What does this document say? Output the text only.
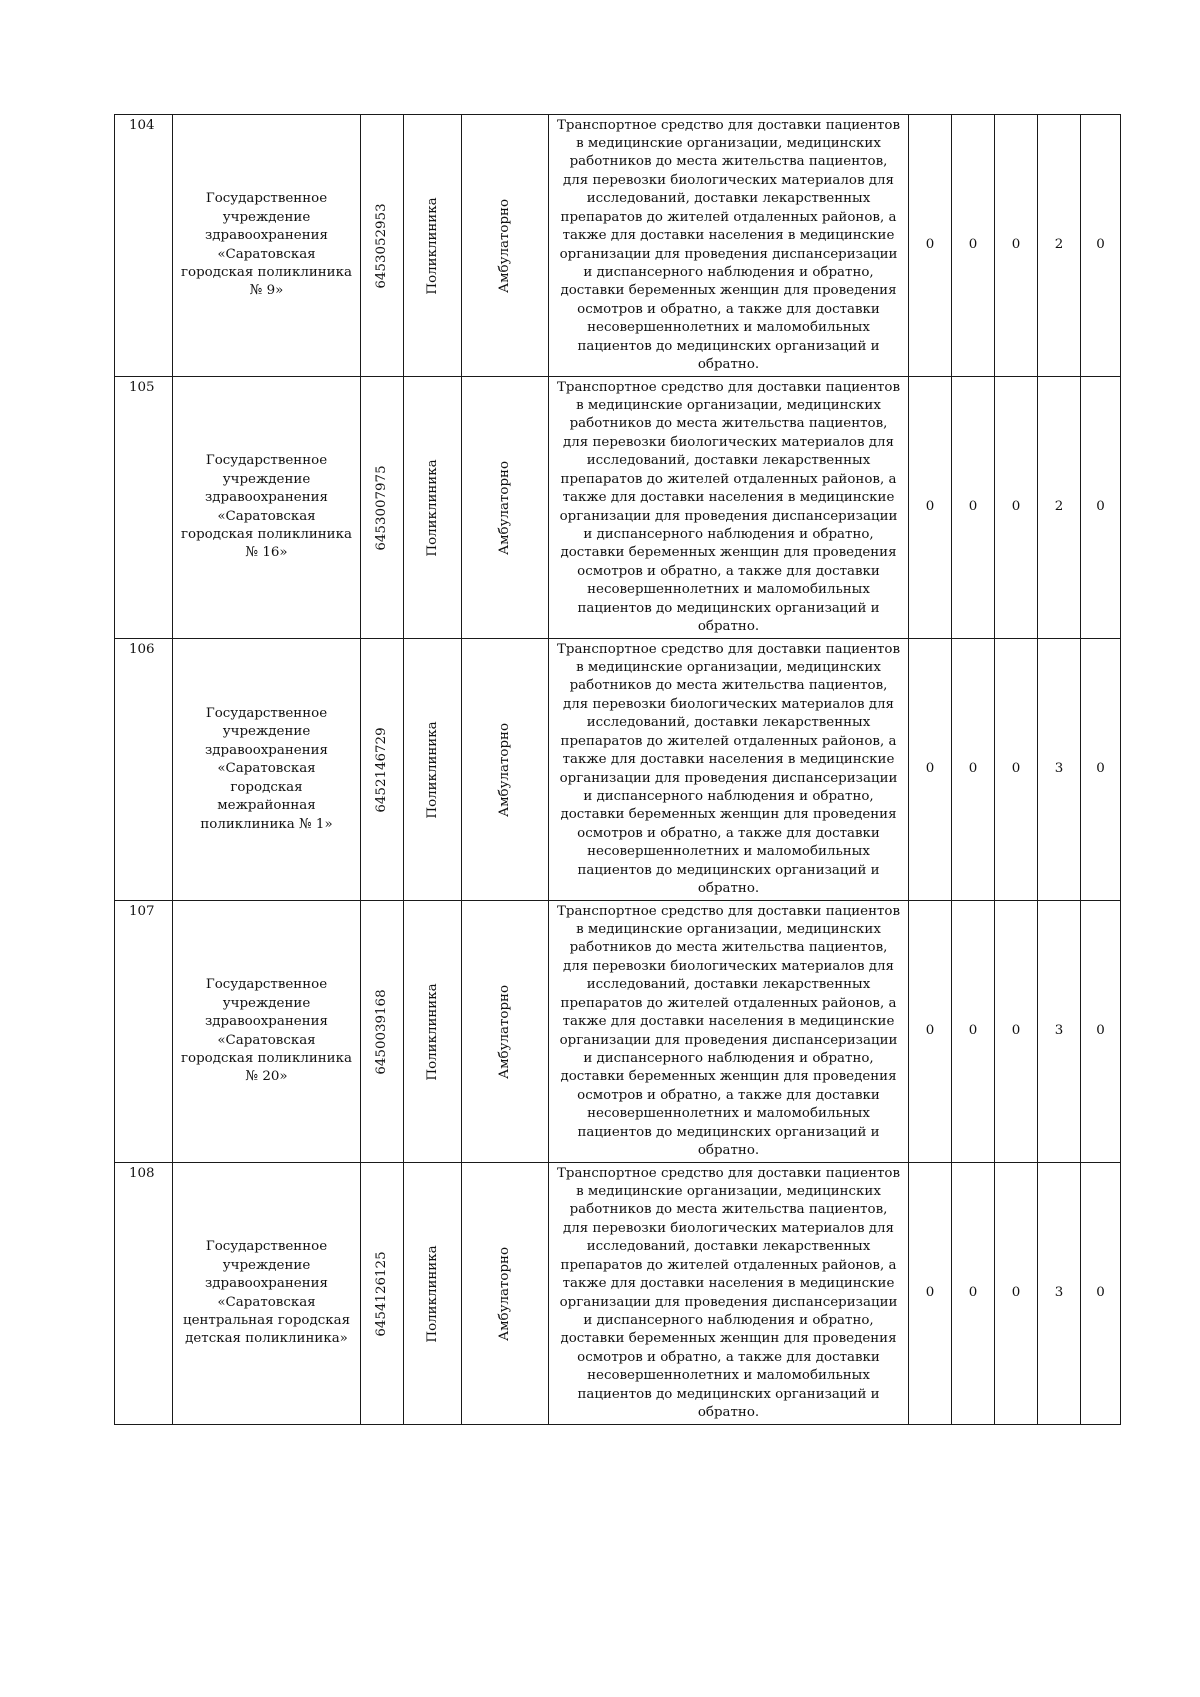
104	Государственное учреждение здравоохранения «Саратовская городская поликлиника № 9»	6453052953	Поликлиника	Амбулаторно	Транспортное средство для доставки пациентов в медицинские организации, медицинских работников до места жительства пациентов, для перевозки биологических материалов для исследований, доставки лекарственных препаратов до жителей отдаленных районов, а также для доставки населения в медицинские организации для проведения диспансеризации и диспансерного наблюдения и обратно, доставки беременных женщин для проведения осмотров и обратно, а также для доставки несовершеннолетних и маломобильных пациентов до медицинских организаций и обратно.	0	0	0	2	0
105	Государственное учреждение здравоохранения «Саратовская городская поликлиника № 16»	6453007975	Поликлиника	Амбулаторно	Транспортное средство для доставки пациентов в медицинские организации, медицинских работников до места жительства пациентов, для перевозки биологических материалов для исследований, доставки лекарственных препаратов до жителей отдаленных районов, а также для доставки населения в медицинские организации для проведения диспансеризации и диспансерного наблюдения и обратно, доставки беременных женщин для проведения осмотров и обратно, а также для доставки несовершеннолетних и маломобильных пациентов до медицинских организаций и обратно.	0	0	0	2	0
106	Государственное учреждение здравоохранения «Саратовская городская межрайонная поликлиника № 1»	6452146729	Поликлиника	Амбулаторно	Транспортное средство для доставки пациентов в медицинские организации, медицинских работников до места жительства пациентов, для перевозки биологических материалов для исследований, доставки лекарственных препаратов до жителей отдаленных районов, а также для доставки населения в медицинские организации для проведения диспансеризации и диспансерного наблюдения и обратно, доставки беременных женщин для проведения осмотров и обратно, а также для доставки несовершеннолетних и маломобильных пациентов до медицинских организаций и обратно.	0	0	0	3	0
107	Государственное учреждение здравоохранения «Саратовская городская поликлиника № 20»	6450039168	Поликлиника	Амбулаторно	Транспортное средство для доставки пациентов в медицинские организации, медицинских работников до места жительства пациентов, для перевозки биологических материалов для исследований, доставки лекарственных препаратов до жителей отдаленных районов, а также для доставки населения в медицинские организации для проведения диспансеризации и диспансерного наблюдения и обратно, доставки беременных женщин для проведения осмотров и обратно, а также для доставки несовершеннолетних и маломобильных пациентов до медицинских организаций и обратно.	0	0	0	3	0
108	Государственное учреждение здравоохранения «Саратовская центральная городская детская поликлиника»	6454126125	Поликлиника	Амбулаторно	Транспортное средство для доставки пациентов в медицинские организации, медицинских работников до места жительства пациентов, для перевозки биологических материалов для исследований, доставки лекарственных препаратов до жителей отдаленных районов, а также для доставки населения в медицинские организации для проведения диспансеризации и диспансерного наблюдения и обратно, доставки беременных женщин для проведения осмотров и обратно, а также для доставки несовершеннолетних и маломобильных пациентов до медицинских организаций и обратно.	0	0	0	3	0
